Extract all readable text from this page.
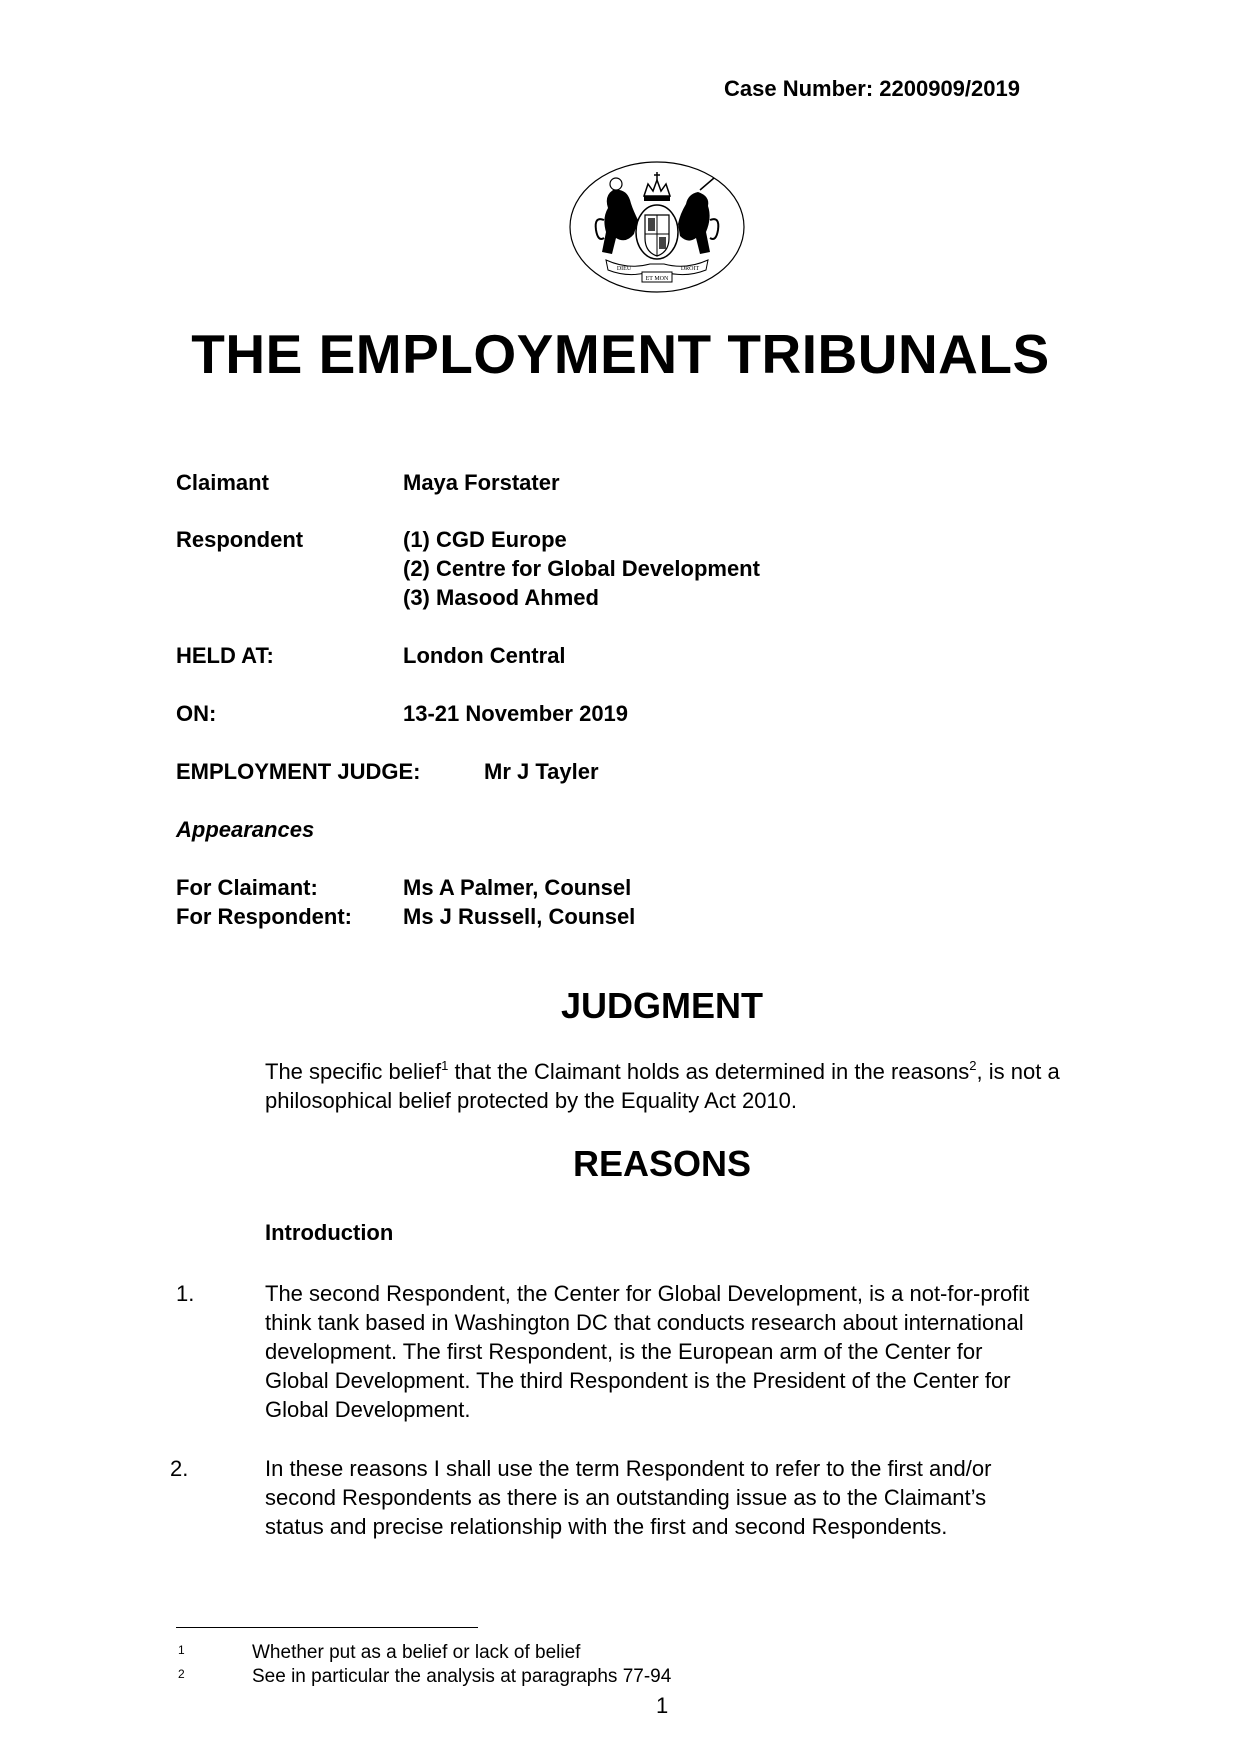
Case Number: 2200909/2019
ET MON
DIEU	DROIT
THE EMPLOYMENT TRIBUNALS
Claimant	Maya Forstater
Respondent	(1) CGD Europe
(2) Centre for Global Development
(3) Masood Ahmed
HELD AT:	London Central
ON:	13-21 November 2019
EMPLOYMENT JUDGE:	Mr J Tayler
Appearances
For Claimant:	Ms A Palmer, Counsel
For Respondent: Ms J Russell, Counsel
JUDGMENT
The specific belief$^1$ that the Claimant holds as determined in the reasons$^2$, is not a philosophical belief protected by the Equality Act 2010.
REASONS
Introduction
1.	The second Respondent, the Center for Global Development, is a not-for-profit
think tank based in Washington DC that conducts research about international
development. The first Respondent, is the European arm of the Center for
Global Development. The third Respondent is the President of the Center for
Global Development.
2.	In these reasons I shall use the term Respondent to refer to the first and/or
second Respondents as there is an outstanding issue as to the Claimant’s
status and precise relationship with the first and second Respondents.
1	Whether put as a belief or lack of belief
2	See in particular the analysis at paragraphs 77-94
1
